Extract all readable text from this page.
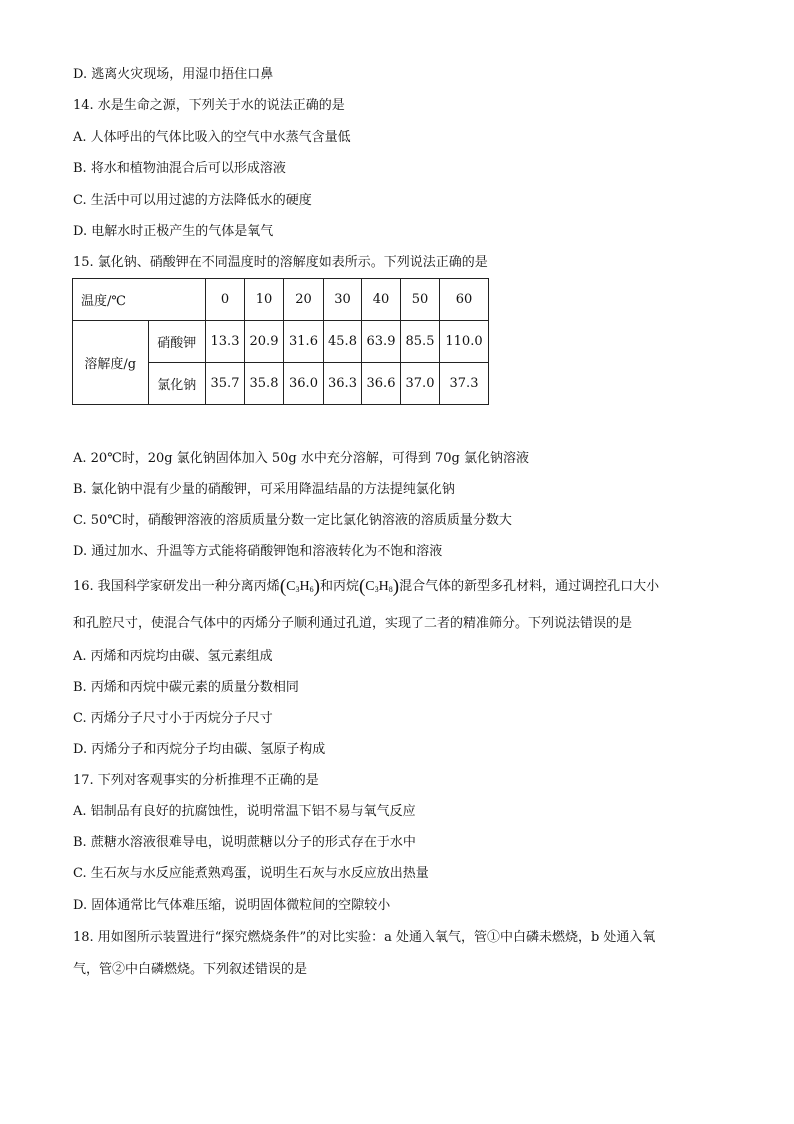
D. 逃离火灾现场，用湿巾捂住口鼻
14. 水是生命之源，下列关于水的说法正确的是
A. 人体呼出的气体比吸入的空气中水蒸气含量低
B. 将水和植物油混合后可以形成溶液
C. 生活中可以用过滤的方法降低水的硬度
D. 电解水时正极产生的气体是氧气
15. 氯化钠、硝酸钾在不同温度时的溶解度如表所示。下列说法正确的是
温度/℃		0	10	20	30	40	50	60
溶解度/g	硝酸钾	13.3	20.9	31.6	45.8	63.9	85.5	110.0
	氯化钠	35.7	35.8	36.0	36.3	36.6	37.0	37.3
A. 20℃时，20g 氯化钠固体加入 50g 水中充分溶解，可得到 70g 氯化钠溶液
B. 氯化钠中混有少量的硝酸钾，可采用降温结晶的方法提纯氯化钠
C. 50℃时，硝酸钾溶液的溶质质量分数一定比氯化钠溶液的溶质质量分数大
D. 通过加水、升温等方式能将硝酸钾饱和溶液转化为不饱和溶液
16. 我国科学家研发出一种分离丙烯$(C_3H_6)$和丙烷$(C_3H_8)$混合气体的新型多孔材料，通过调控孔口大小
和孔腔尺寸，使混合气体中的丙烯分子顺利通过孔道，实现了二者的精准筛分。下列说法错误的是
A. 丙烯和丙烷均由碳、氢元素组成
B. 丙烯和丙烷中碳元素的质量分数相同
C. 丙烯分子尺寸小于丙烷分子尺寸
D. 丙烯分子和丙烷分子均由碳、氢原子构成
17. 下列对客观事实的分析推理不正确的是
A. 铝制品有良好的抗腐蚀性，说明常温下铝不易与氧气反应
B. 蔗糖水溶液很难导电，说明蔗糖以分子的形式存在于水中
C. 生石灰与水反应能煮熟鸡蛋，说明生石灰与水反应放出热量
D. 固体通常比气体难压缩，说明固体微粒间的空隙较小
18. 用如图所示装置进行“探究燃烧条件”的对比实验：a 处通入氧气，管①中白磷未燃烧，b 处通入氧
气，管②中白磷燃烧。下列叙述错误的是
